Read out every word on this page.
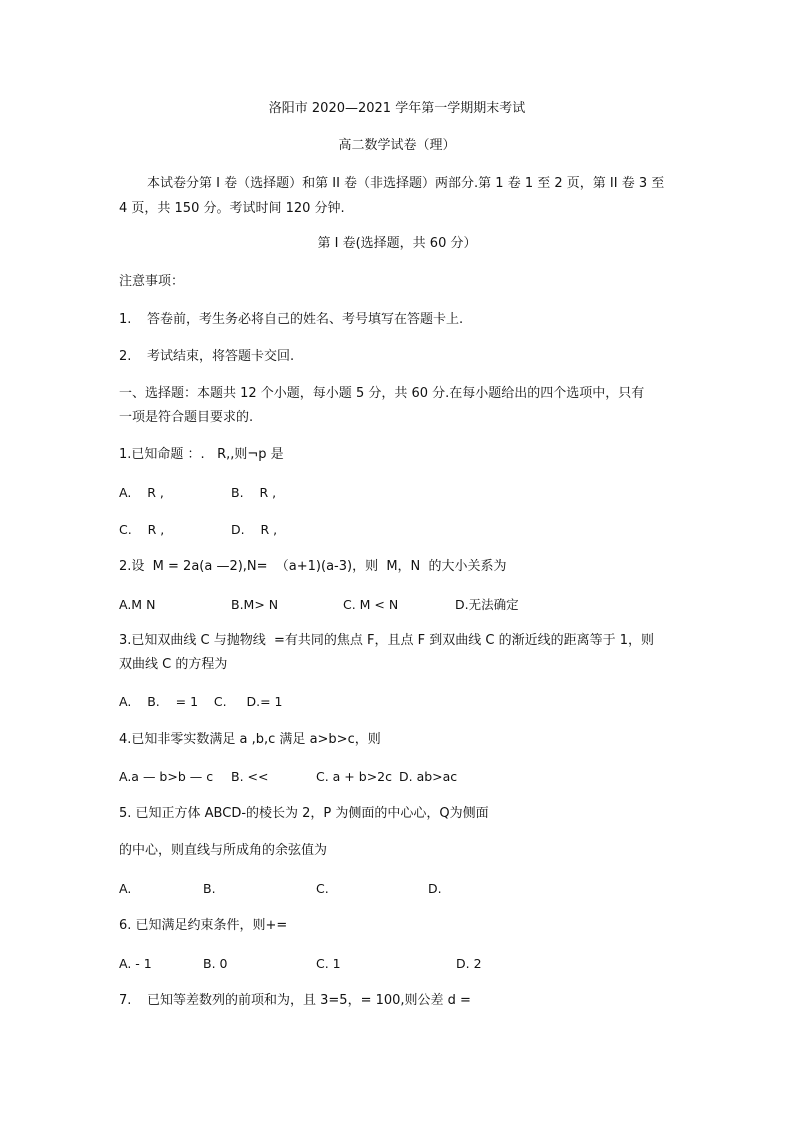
洛阳市 2020—2021 学年第一学期期末考试
高二数学试卷（理）
本试卷分第 I 卷（选择题）和第 II 卷（非选择题）两部分.第 1 卷 1 至 2 页，第 II 卷 3 至
4 页，共 150 分。考试时间 120 分钟.
第 I 卷(选择题，共 60 分）
注意事项：
1. 答卷前，考生务必将自己的姓名、考号填写在答题卡上.
2. 考试结束，将答题卡交回.
一、选择题：本题共 12 个小题，每小题 5 分，共 60 分.在每小题给出的四个选项中，只有
一项是符合题目要求的.
1.已知命题 ：.   R,,则¬p 是
A.    R ,	B.    R ,
C.    R ,	D.    R ,
2.设  M = 2a(a —2),N=  （a+1)(a-3)，则  M，N  的大小关系为
A.M N	B.M> N	C. M < N	D.无法确定
3.已知双曲线 C 与抛物线  =有共同的焦点 F，且点 F 到双曲线 C 的渐近线的距离等于 1，则
双曲线 C 的方程为
A.    B.    = 1    C.     D.= 1
4.已知非零实数满足 a ,b,c 满足 a>b>c，则
A.a — b>b — c B. <<	C. a + b>2c D. ab>ac
5. 已知正方体 ABCD-的棱长为 2，P 为侧面的中心心，Q为侧面
的中心，则直线与所成角的余弦值为
A.	B.	C.	D.
6. 已知满足约束条件，则+=
A. - 1	B. 0	C. 1	D. 2
7. 已知等差数列的前项和为，且 3=5，= 100,则公差 d =
